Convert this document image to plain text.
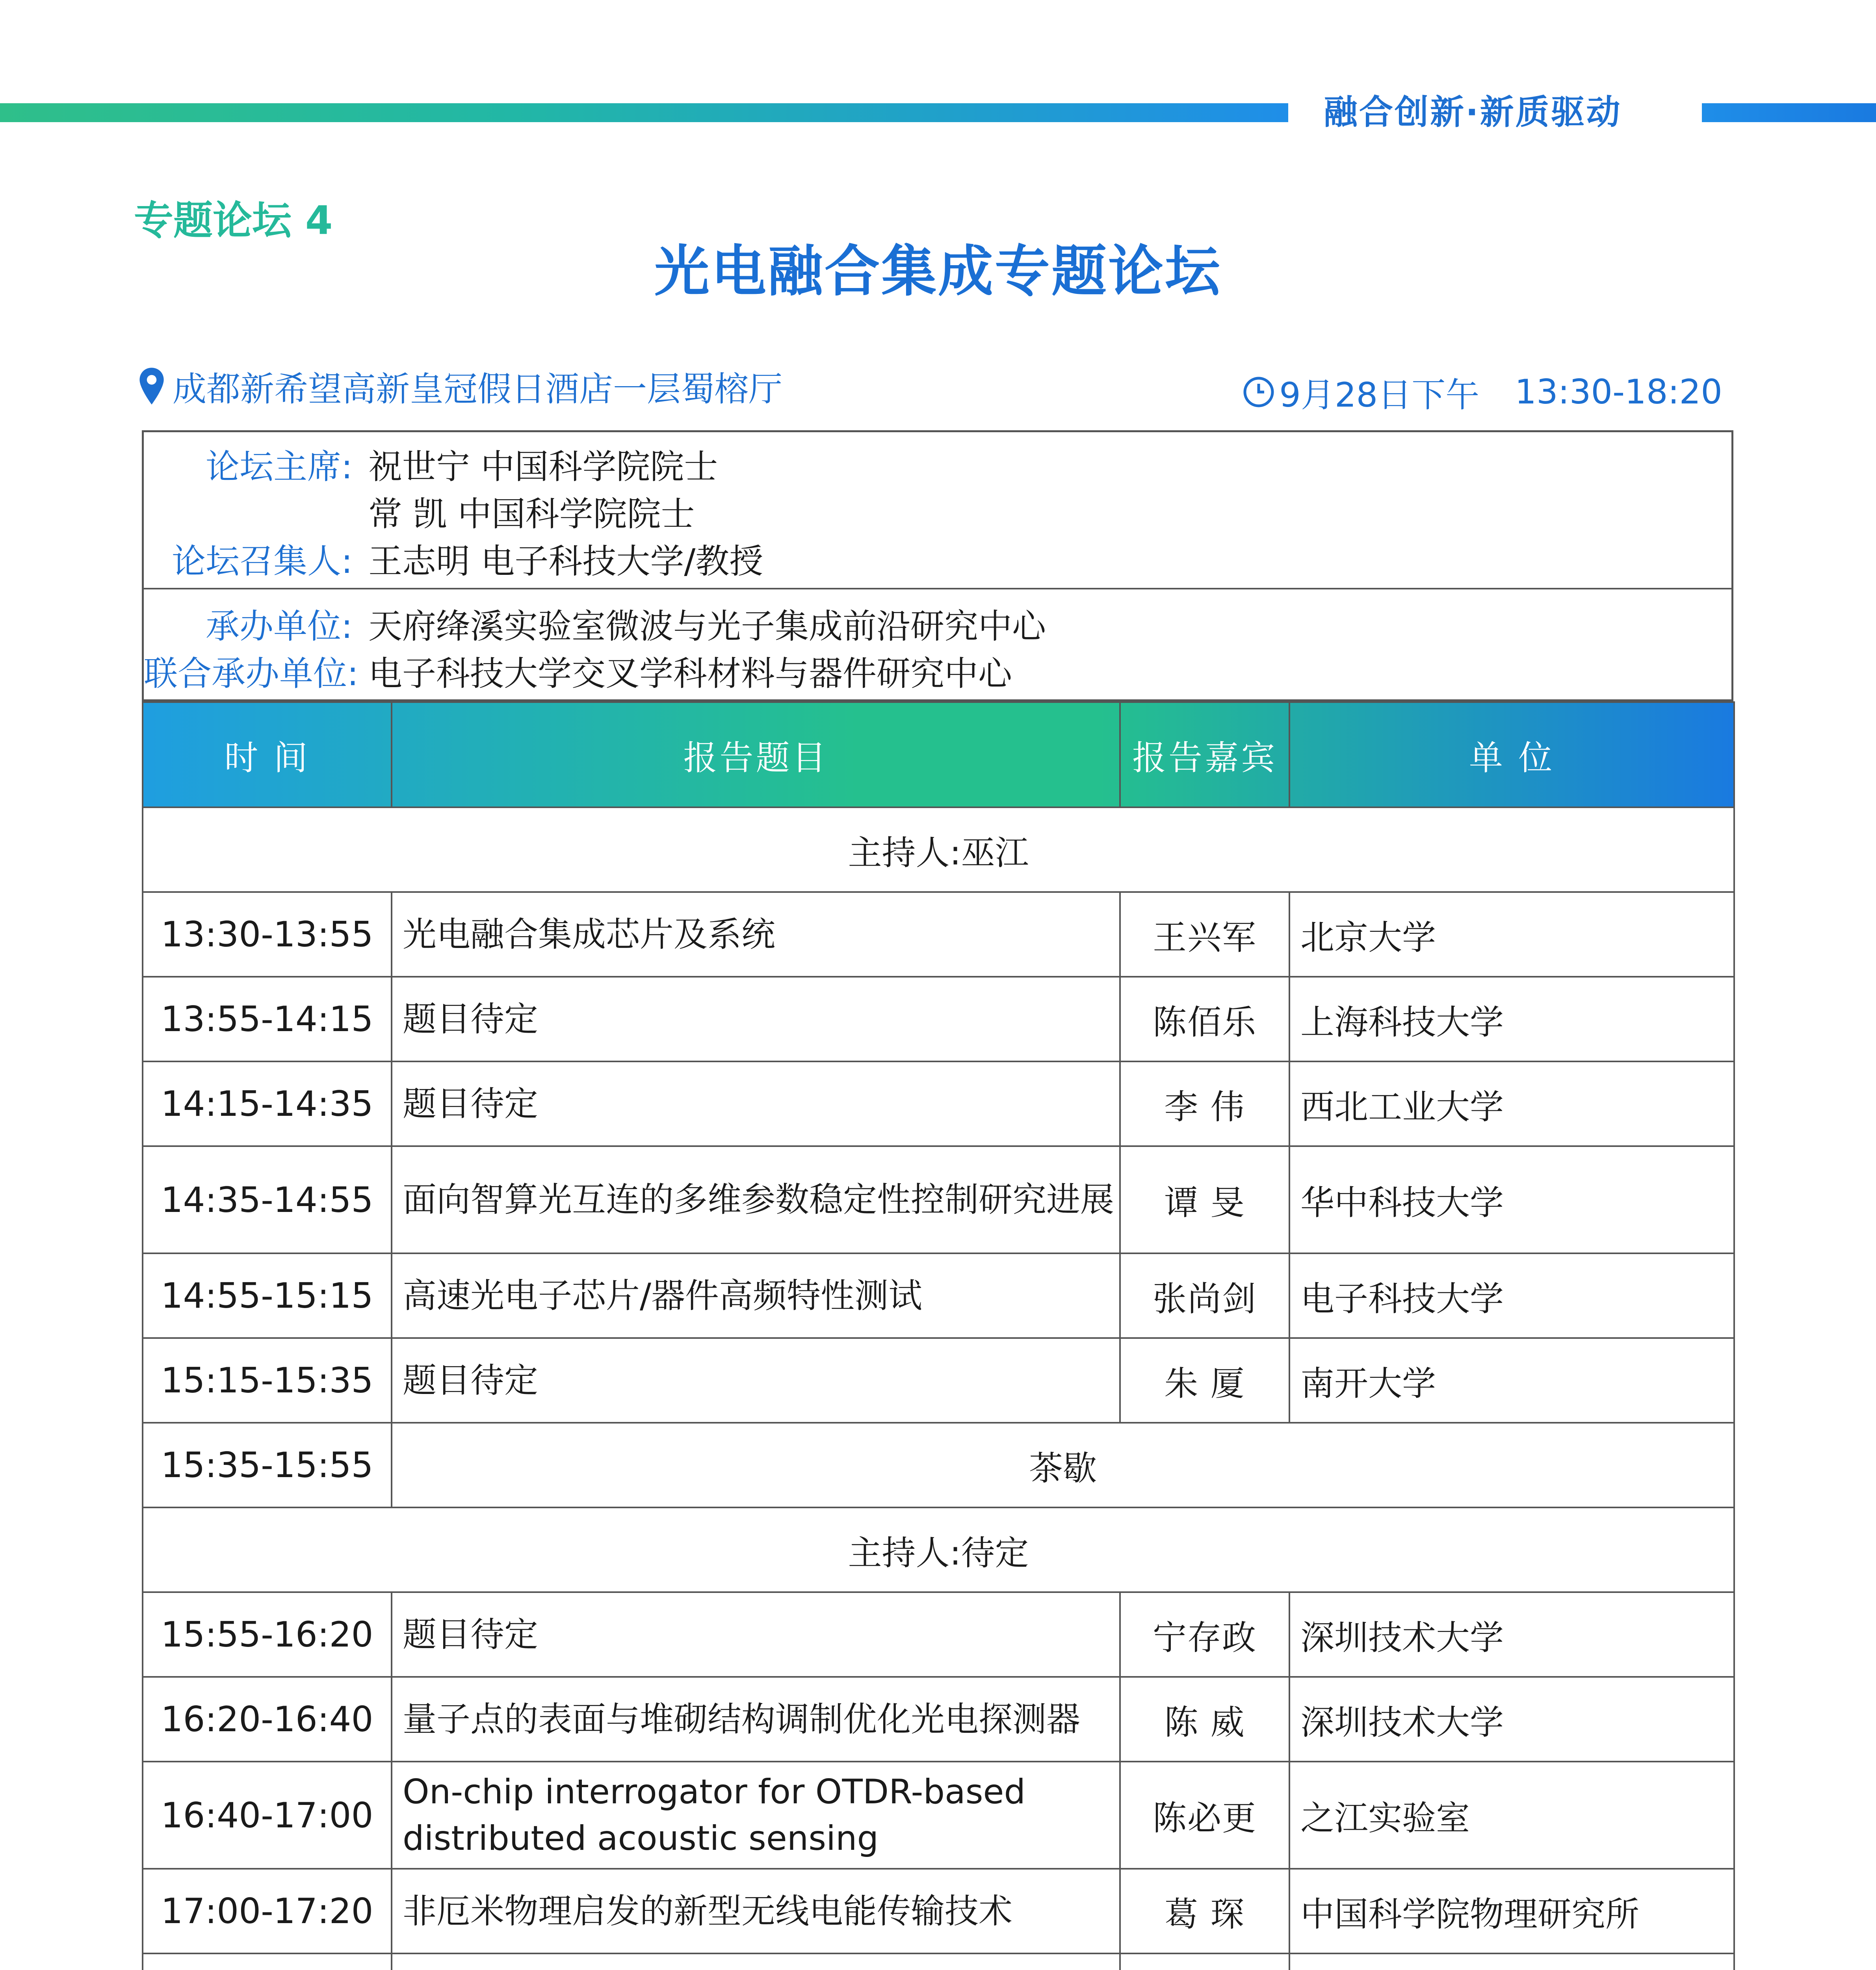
融合创新·新质驱动
专题论坛 4
光电融合集成专题论坛
成都新希望高新皇冠假日酒店一层蜀榕厅	9月28日下午 13:30-18:20
论坛主席: 祝世宁 中国科学院院士
常 凯 中国科学院院士
论坛召集人: 王志明 电子科技大学/教授
承办单位: 天府绛溪实验室微波与光子集成前沿研究中心
联合承办单位: 电子科技大学交叉学科材料与器件研究中心
时 间	报告题目	报告嘉宾	单 位
主持人:巫江			
13:30-13:55	光电融合集成芯片及系统	王兴军	北京大学
13:55-14:15	题目待定	陈佰乐	上海科技大学
14:15-14:35	题目待定	李 伟	西北工业大学
14:35-14:55	面向智算光互连的多维参数稳定性控制研究进展	谭 旻	华中科技大学
14:55-15:15	高速光电子芯片/器件高频特性测试	张尚剑	电子科技大学
15:15-15:35	题目待定	朱 厦	南开大学
15:35-15:55	茶歇		
主持人:待定			
15:55-16:20	题目待定	宁存政	深圳技术大学
16:20-16:40	量子点的表面与堆砌结构调制优化光电探测器	陈 威	深圳技术大学
16:40-17:00	On-chip interrogator for OTDR-based distributed acoustic sensing	陈必更	之江实验室
17:00-17:20	非厄米物理启发的新型无线电能传输技术	葛 琛	中国科学院物理研究所
